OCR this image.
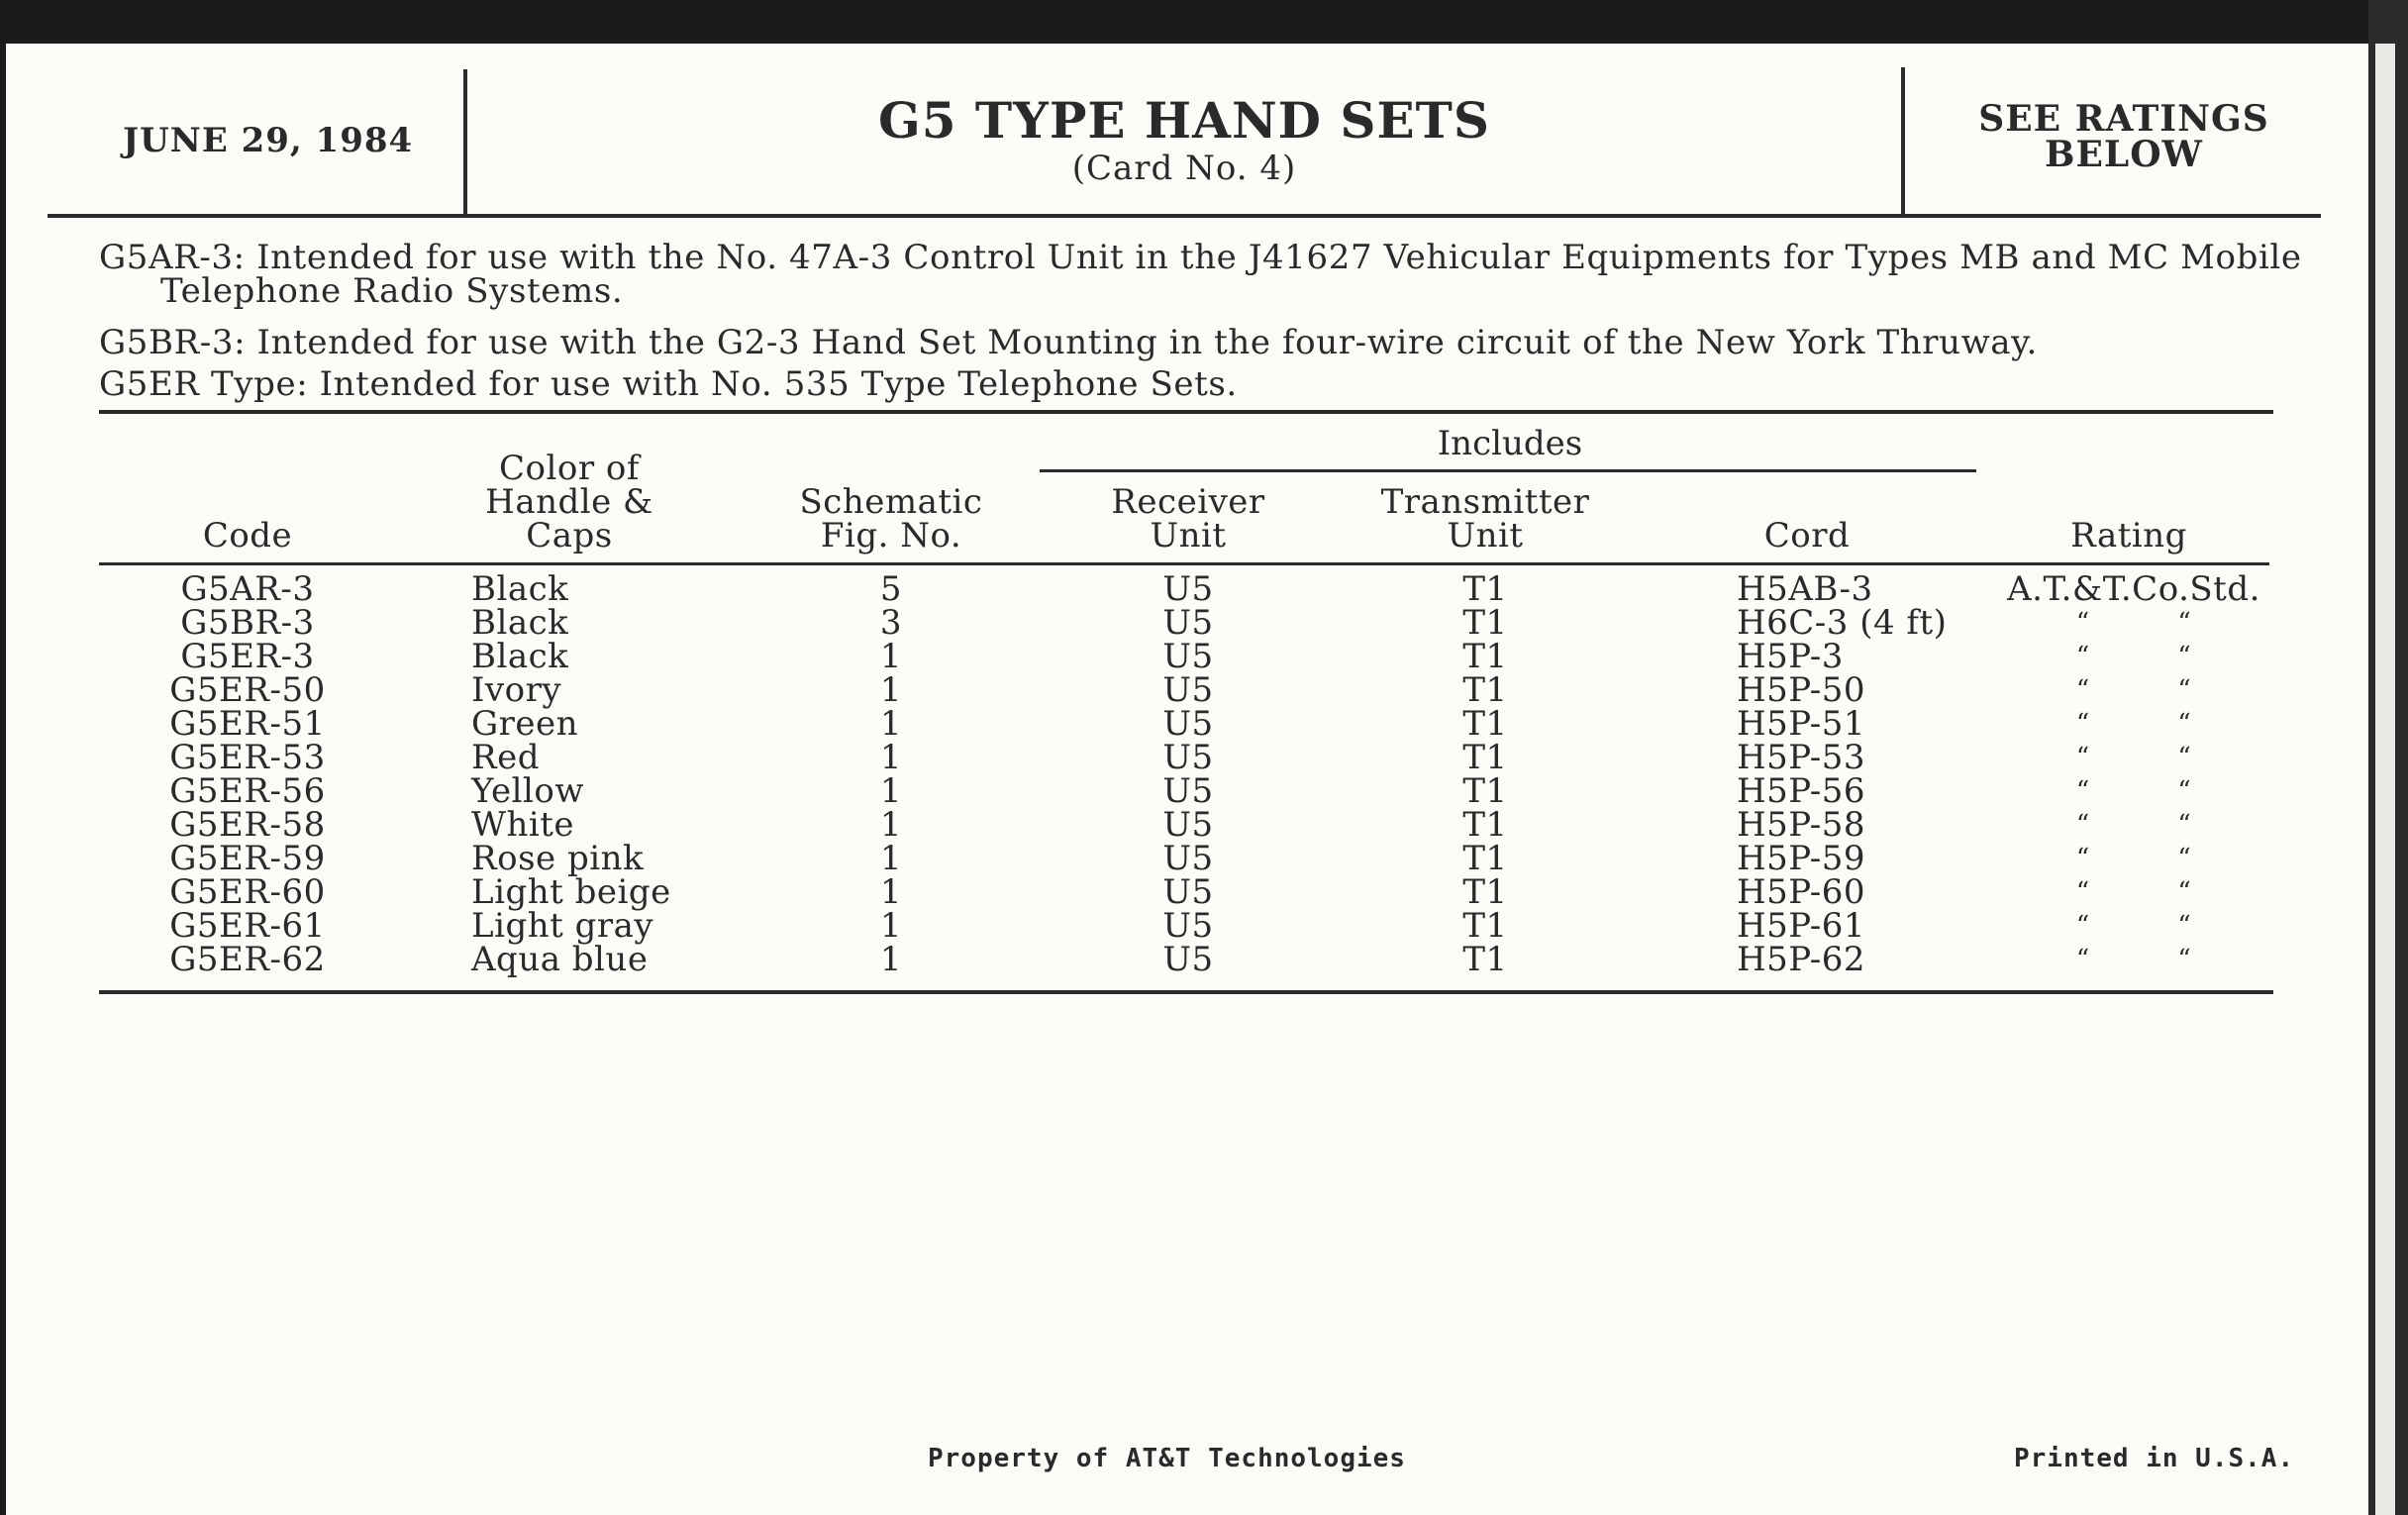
JUNE 29, 1984	G5 TYPE HAND SETS
(Card No. 4)
SEE RATINGS BELOW
G5AR-3: Intended for use with the No. 47A-3 Control Unit in the J41627 Vehicular Equipments for Types MB and MC Mobile
Telephone Radio Systems.
G5BR-3: Intended for use with the G2-3 Hand Set Mounting in the four-wire circuit of the New York Thruway.
G5ER Type: Intended for use with No. 535 Type Telephone Sets.
Includes
Code
Color of Handle & Caps
Schematic Fig. No.
Receiver Unit
Transmitter Unit	Cord	Rating
G5AR-3	Black	5	U5	T1	H5AB-3	A.T.&T.Co.Std.
G5BR-3	Black	3	U5	T1	H6C-3 (4 ft)	“ “
G5ER-3	Black	1	U5	T1	H5P-3	“ “
G5ER-50	Ivory	1	U5	T1	H5P-50	“ “
G5ER-51	Green	1	U5	T1	H5P-51	“ “
G5ER-53	Red	1	U5	T1	H5P-53	“ “
G5ER-56	Yellow	1	U5	T1	H5P-56	“ “
G5ER-58	White	1	U5	T1	H5P-58	“ “
G5ER-59	Rose pink	1	U5	T1	H5P-59	“ “
G5ER-60	Light beige	1	U5	T1	H5P-60	“ “
G5ER-61	Light gray	1	U5	T1	H5P-61	“ “
G5ER-62	Aqua blue	1	U5	T1	H5P-62	“ “
Property of AT&T Technologies	Printed in U.S.A.
